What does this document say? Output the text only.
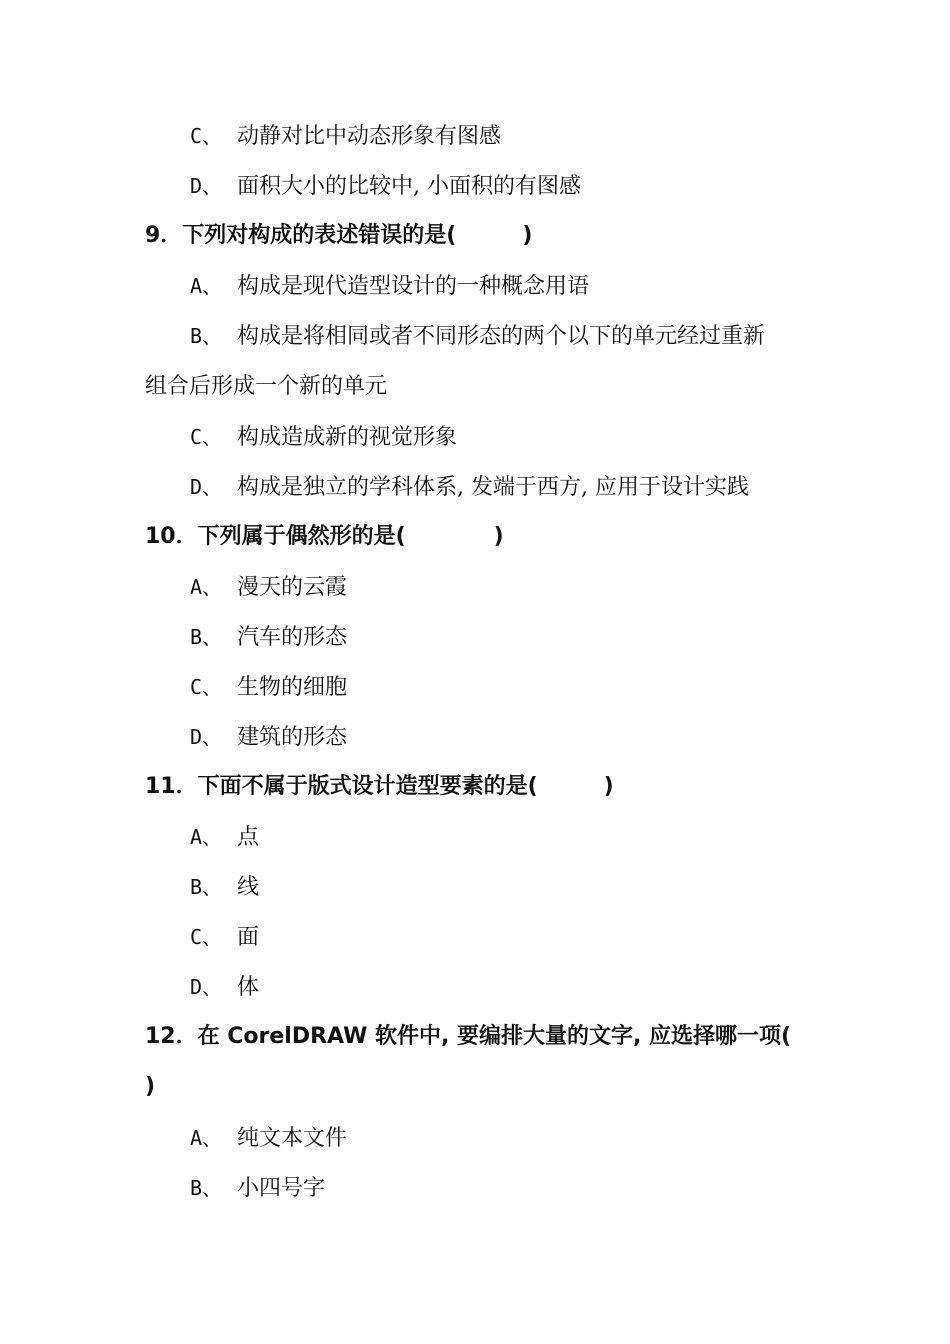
C、 动静对比中动态形象有图感
D、 面积大小的比较中, 小面积的有图感
9．下列对构成的表述错误的是(　　　)
A、 构成是现代造型设计的一种概念用语
B、 构成是将相同或者不同形态的两个以下的单元经过重新
组合后形成一个新的单元
C、 构成造成新的视觉形象
D、 构成是独立的学科体系, 发端于西方, 应用于设计实践
10．下列属于偶然形的是(　　　　)
A、 漫天的云霞
B、 汽车的形态
C、 生物的细胞
D、 建筑的形态
11．下面不属于版式设计造型要素的是(　　　)
A、 点
B、 线
C、 面
D、 体
12．在 CorelDRAW 软件中, 要编排大量的文字, 应选择哪一项(
)
A、 纯文本文件
B、 小四号字
